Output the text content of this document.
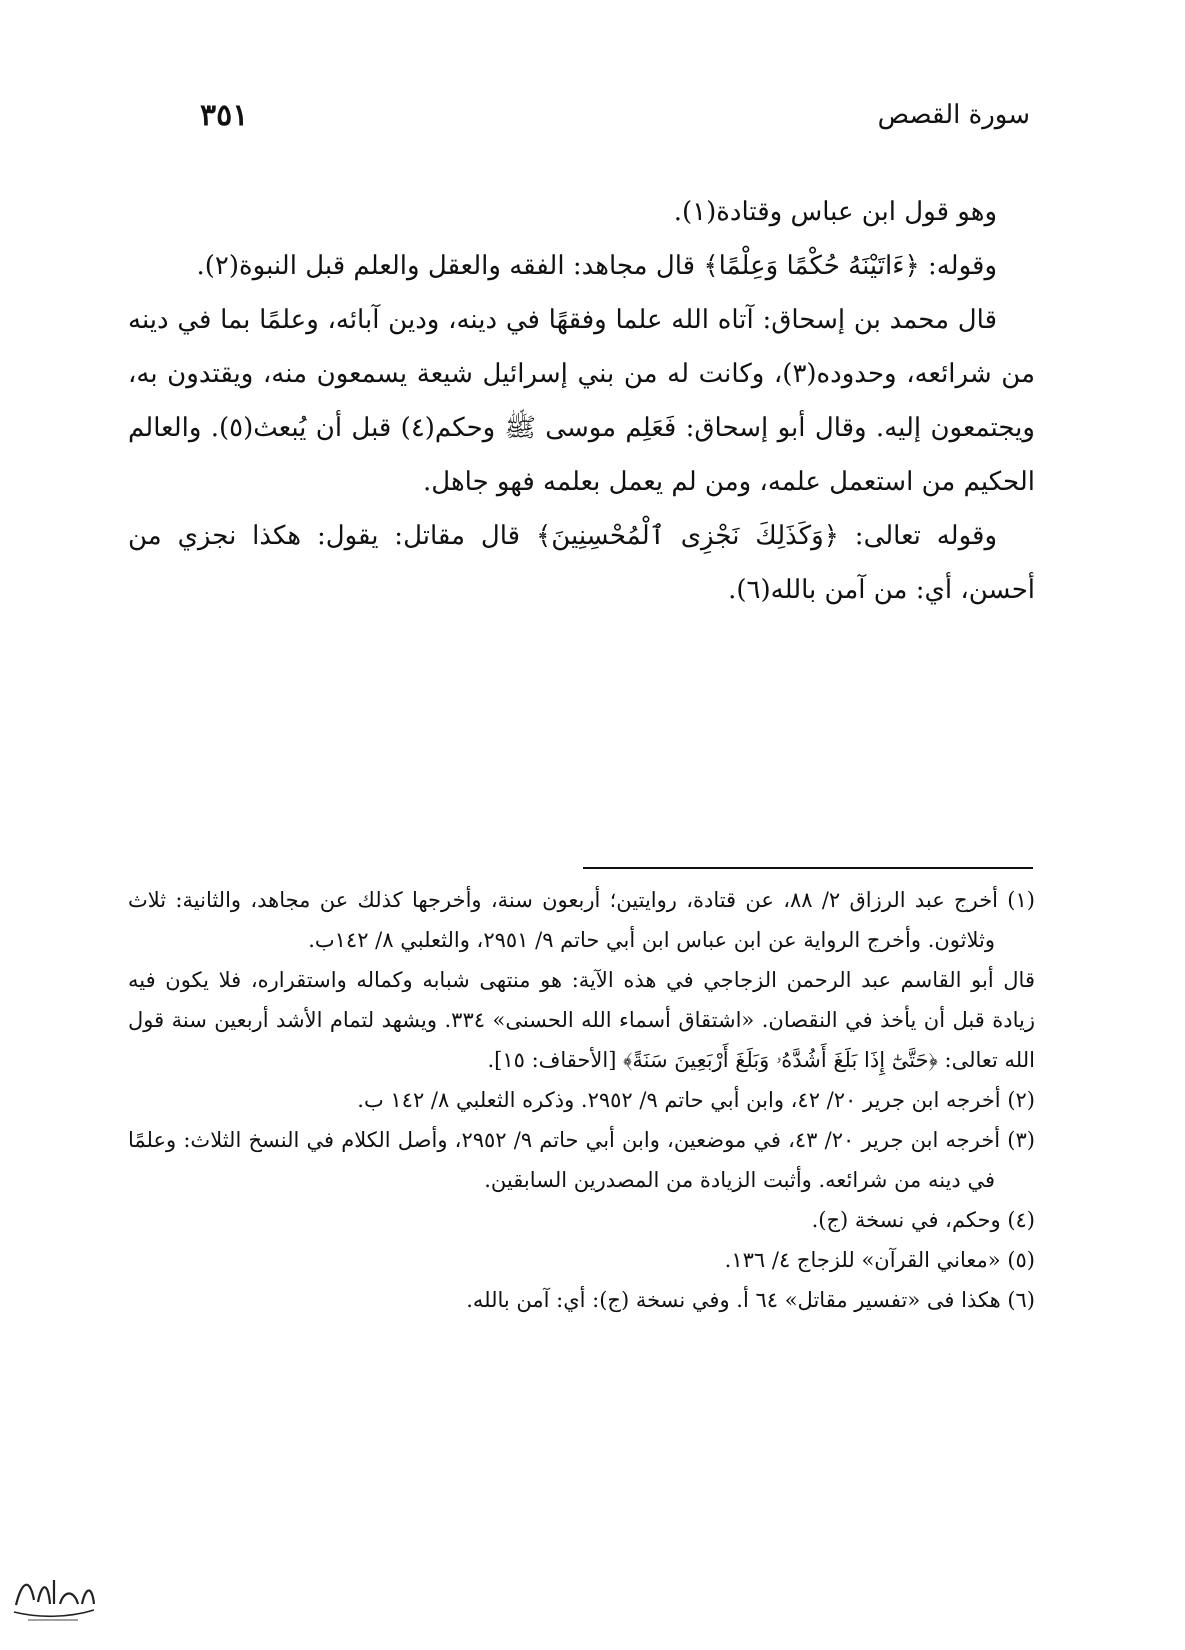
سورة القصص
٣٥١

وهو قول ابن عباس وقتادة(١).

وقوله: ﴿ءَاتَيْنَهُ حُكْمًا وَعِلْمًا﴾ قال مجاهد: الفقه والعقل والعلم قبل النبوة(٢).

قال محمد بن إسحاق: آتاه الله علما وفقهًا في دينه، ودين آبائه، وعلمًا بما في دينه من شرائعه، وحدوده(٣)، وكانت له من بني إسرائيل شيعة يسمعون منه، ويقتدون به، ويجتمعون إليه. وقال أبو إسحاق: فَعَلِم موسى ﷺ وحكم(٤) قبل أن يُبعث(٥). والعالم الحكيم من استعمل علمه، ومن لم يعمل بعلمه فهو جاهل.

وقوله تعالى: ﴿وَكَذَلِكَ نَجْزِى ٱلْمُحْسِنِينَ﴾ قال مقاتل: يقول: هكذا نجزي من أحسن، أي: من آمن بالله(٦).

(١) أخرج عبد الرزاق ٢/ ٨٨، عن قتادة، روايتين؛ أربعون سنة، وأخرجها كذلك عن مجاهد، والثانية: ثلاث وثلاثون. وأخرج الرواية عن ابن عباس ابن أبي حاتم ٩/ ٢٩٥١، والثعلبي ٨/ ١٤٢ب.

قال أبو القاسم عبد الرحمن الزجاجي في هذه الآية: هو منتهى شبابه وكماله واستقراره، فلا يكون فيه زيادة قبل أن يأخذ في النقصان. «اشتقاق أسماء الله الحسنى» ٣٣٤. ويشهد لتمام الأشد أربعين سنة قول الله تعالى: ﴿حَتَّىٰٓ إِذَا بَلَغَ أَشُدَّهُۥ وَبَلَغَ أَرْبَعِينَ سَنَةً﴾ [الأحقاف: ١٥].

(٢) أخرجه ابن جرير ٢٠/ ٤٢، وابن أبي حاتم ٩/ ٢٩٥٢. وذكره الثعلبي ٨/ ١٤٢ ب.

(٣) أخرجه ابن جرير ٢٠/ ٤٣، في موضعين، وابن أبي حاتم ٩/ ٢٩٥٢، وأصل الكلام في النسخ الثلاث: وعلمًا في دينه من شرائعه. وأثبت الزيادة من المصدرين السابقين.

(٤) وحكم، في نسخة (ج).

(٥) «معاني القرآن» للزجاج ٤/ ١٣٦.

(٦) هكذا فى «تفسير مقاتل» ٦٤ أ. وفي نسخة (ج): أي: آمن بالله.
